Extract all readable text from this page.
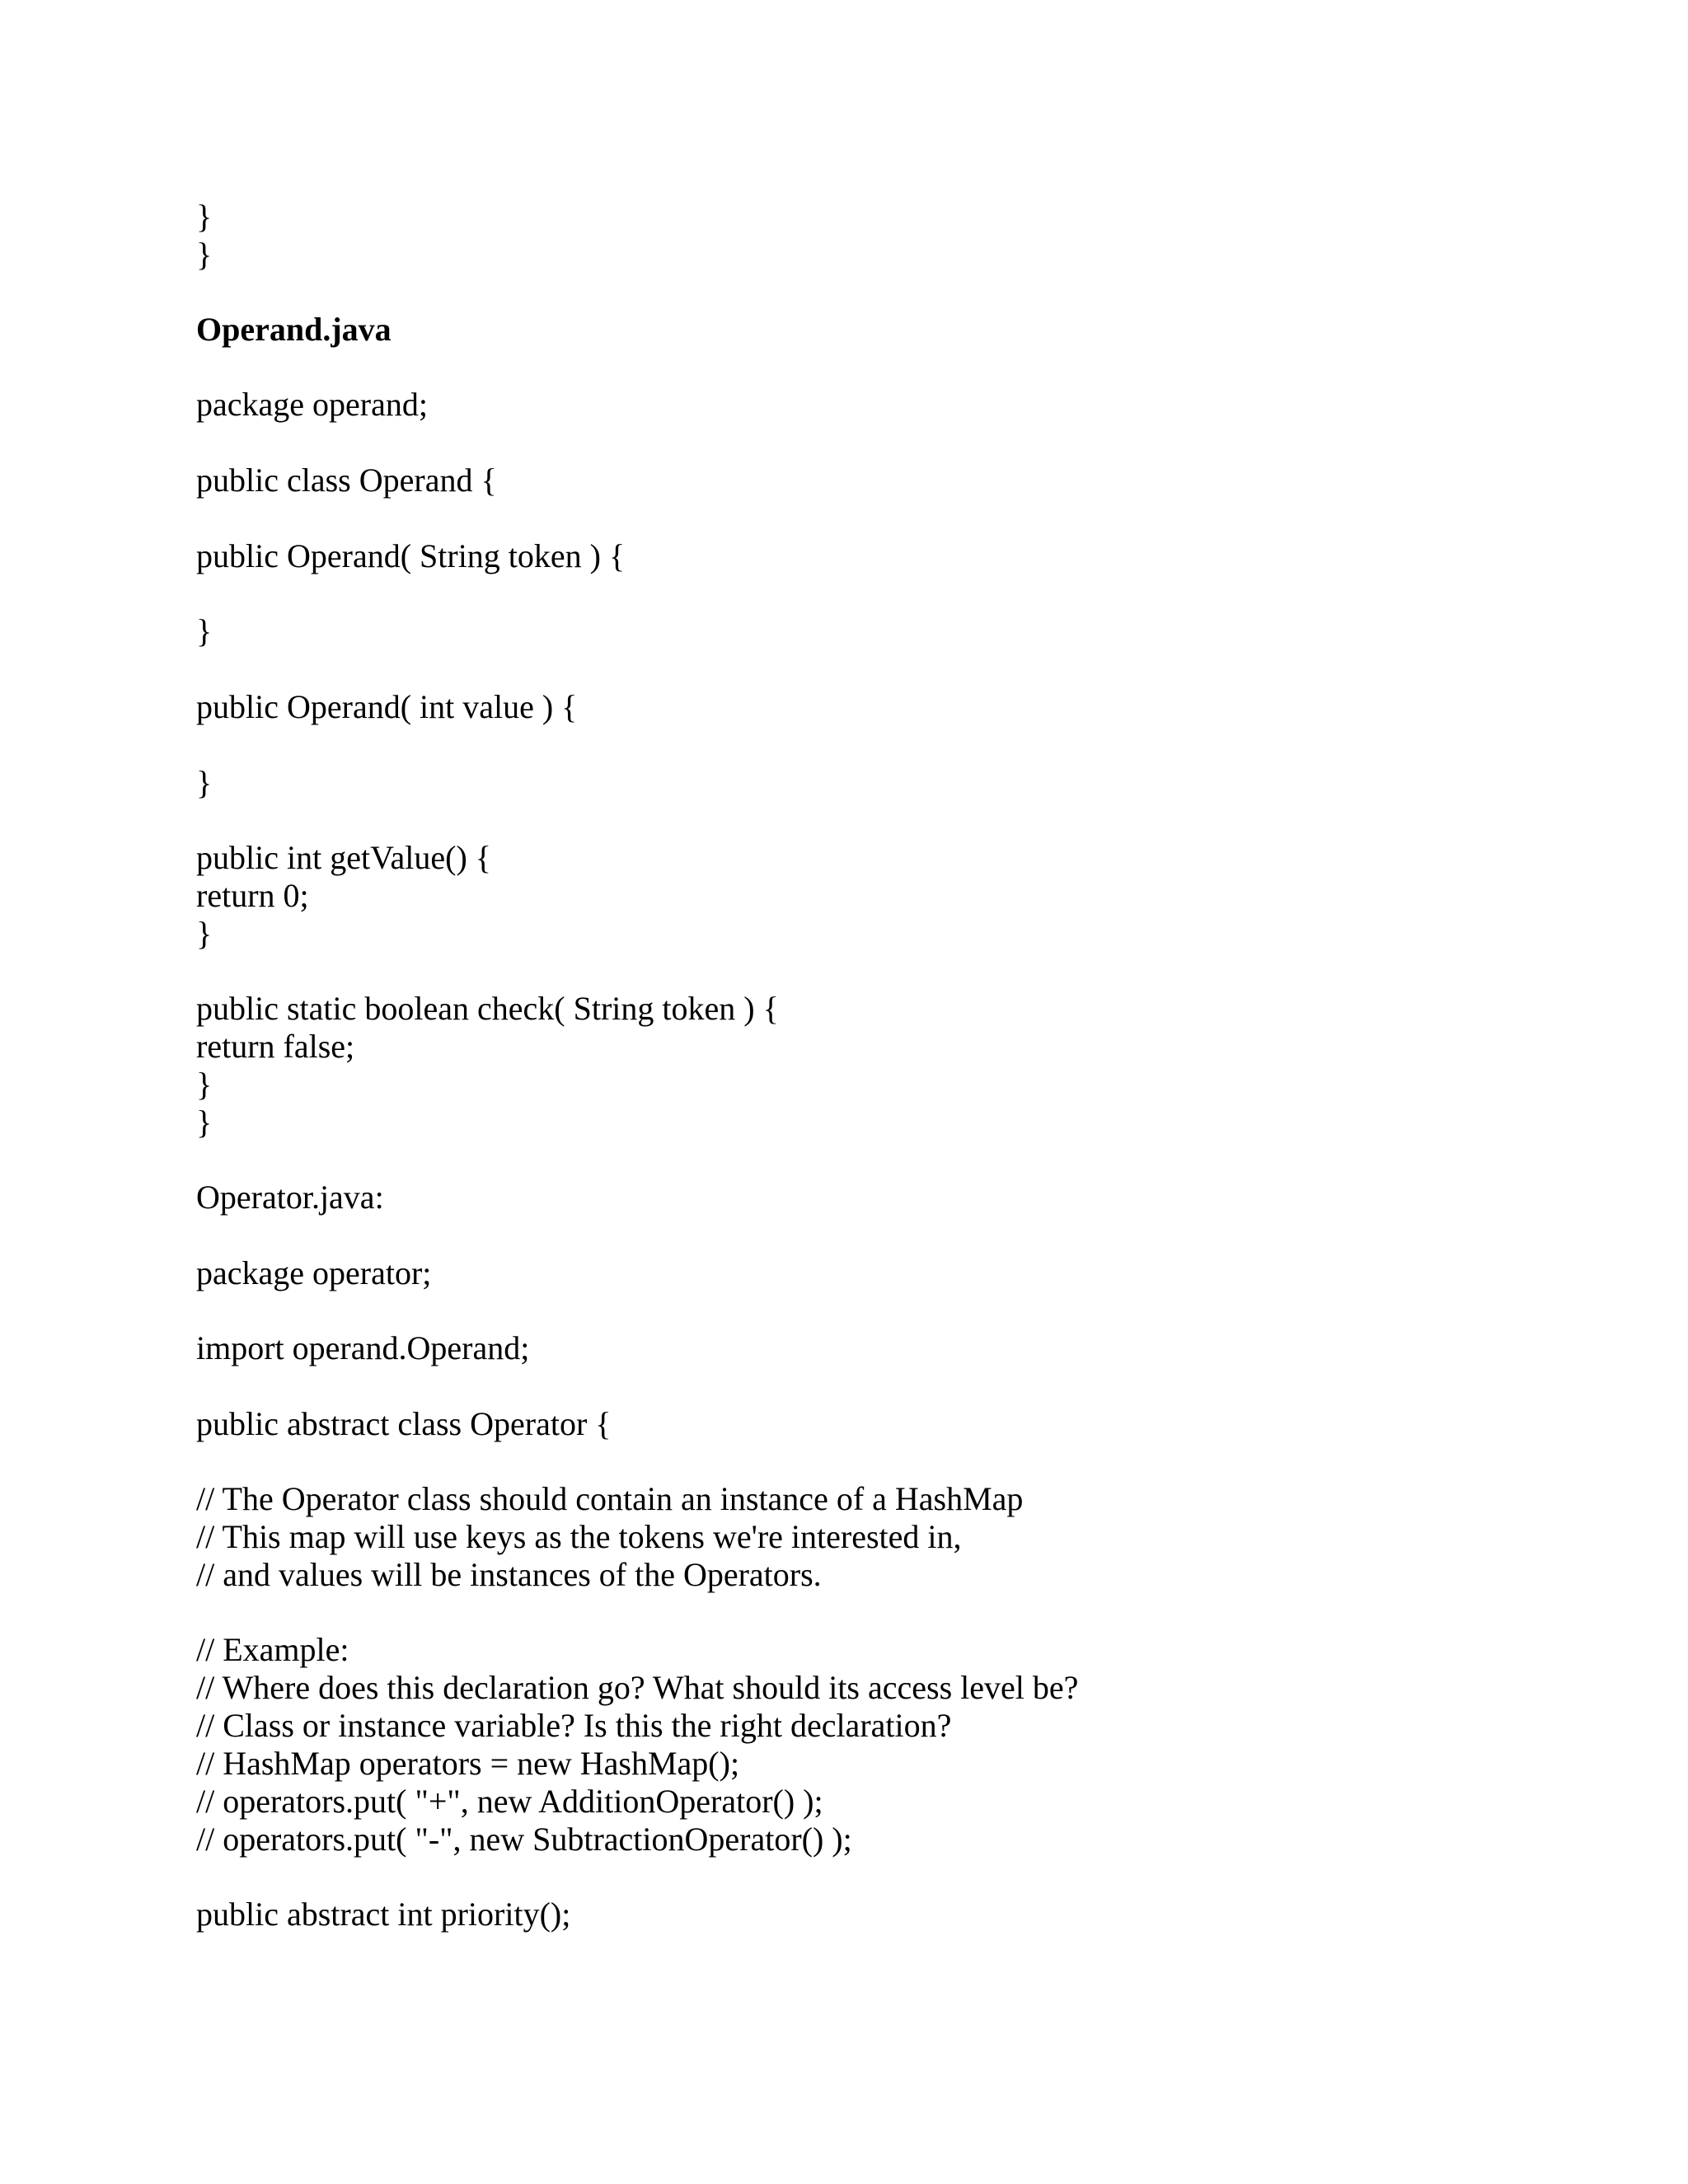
}

}

Operand.java

package operand;

public class Operand {

public Operand( String token ) {

}

public Operand( int value ) {

}

public int getValue() {

return 0;

}

public static boolean check( String token ) {

return false;

}

}

Operator.java:

package operator;

import operand.Operand;

public abstract class Operator {

// The Operator class should contain an instance of a HashMap

// This map will use keys as the tokens we're interested in,

// and values will be instances of the Operators.

// Example:

// Where does this declaration go? What should its access level be?

// Class or instance variable? Is this the right declaration?

// HashMap operators = new HashMap();

// operators.put( "+", new AdditionOperator() );

// operators.put( "-", new SubtractionOperator() );

public abstract int priority();
